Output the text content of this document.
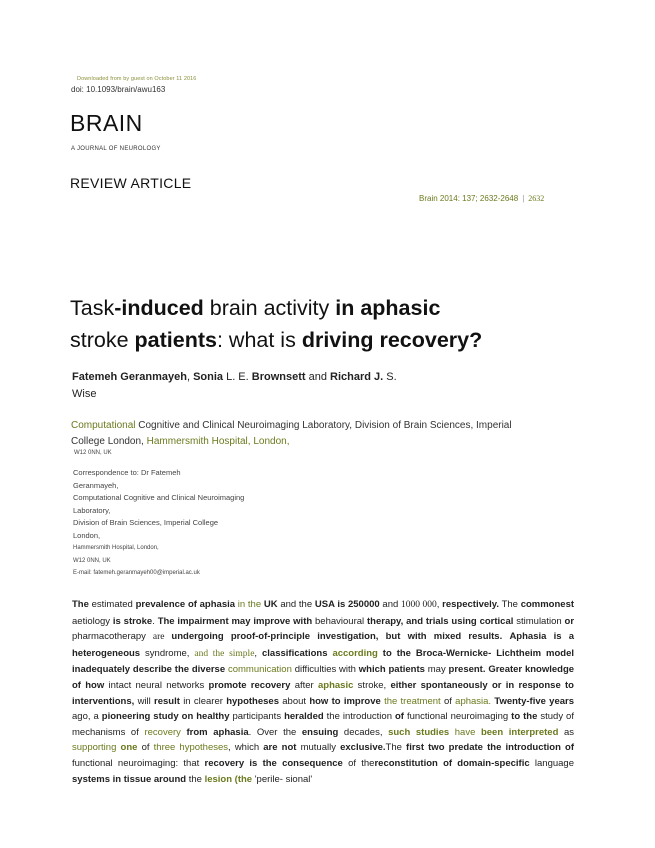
Downloaded from by guest on October 11 2016
doi: 10.1093/brain/awu163
BRAIN
A JOURNAL OF NEUROLOGY
REVIEW ARTICLE
Brain 2014: 137; 2632-2648 | 2632
Task-induced brain activity in aphasic
stroke patients: what is driving recovery?
Fatemeh Geranmayeh, Sonia L. E. Brownsett and Richard J. S.
Wise
Computational Cognitive and Clinical Neuroimaging Laboratory, Division of Brain Sciences, Imperial
College London, Hammersmith Hospital, London,
W12 0NN, UK
Correspondence to: Dr Fatemeh
Geranmayeh,
Computational Cognitive and Clinical Neuroimaging
Laboratory,
Division of Brain Sciences, Imperial College
London,
Hammersmith Hospital, London,
W12 0NN, UK
E-mail: fatemeh.geranmayeh00@imperial.ac.uk
The estimated prevalence of aphasia in the UK and the USA is 250000 and 1000 000, respectively. The commonest aetiology is stroke. The impairment may improve with behavioural therapy, and trials using cortical stimulation or pharmacotherapy are undergoing proof-of-principle investigation, but with mixed results. Aphasia is a heterogeneous syndrome, and the simple, classifications according to the Broca-Wernicke- Lichtheim model inadequately describe the diverse communication difficulties with which patients may present. Greater knowledge of how intact neural networks promote recovery after aphasic stroke, either spontaneously or in response to interventions, will result in clearer hypotheses about how to improve the treatment of aphasia. Twenty-five years ago, a pioneering study on healthy participants heralded the introduction of functional neuroimaging to the study of mechanisms of recovery from aphasia. Over the ensuing decades, such studies have been interpreted as supporting one of three hypotheses, which are not mutually exclusive.The first two predate the introduction of functional neuroimaging: that recovery is the consequence of thereconstitution of domain-specific language systems in tissue around the lesion (the 'perile- sional'
